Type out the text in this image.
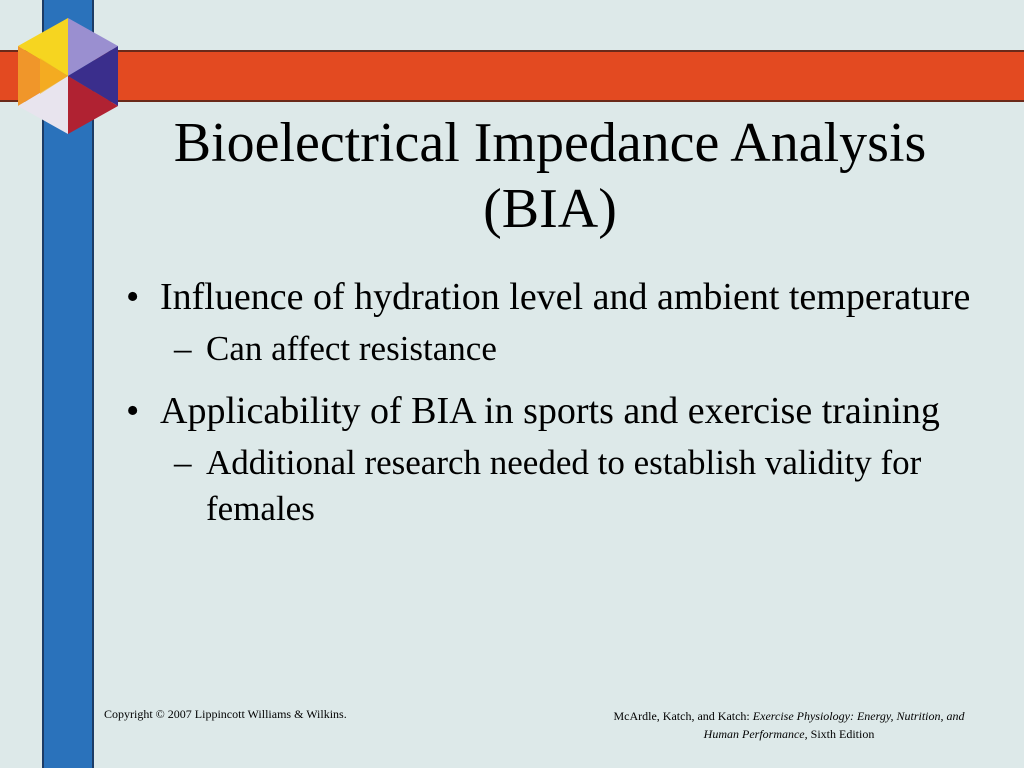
Bioelectrical Impedance Analysis
(BIA)
• Influence of hydration level and ambient temperature
– Can affect resistance
• Applicability of BIA in sports and exercise training
– Additional research needed to establish validity for females
Copyright © 2007 Lippincott Williams & Wilkins.	McArdle, Katch, and Katch: Exercise Physiology: Energy, Nutrition, and Human Performance, Sixth Edition
